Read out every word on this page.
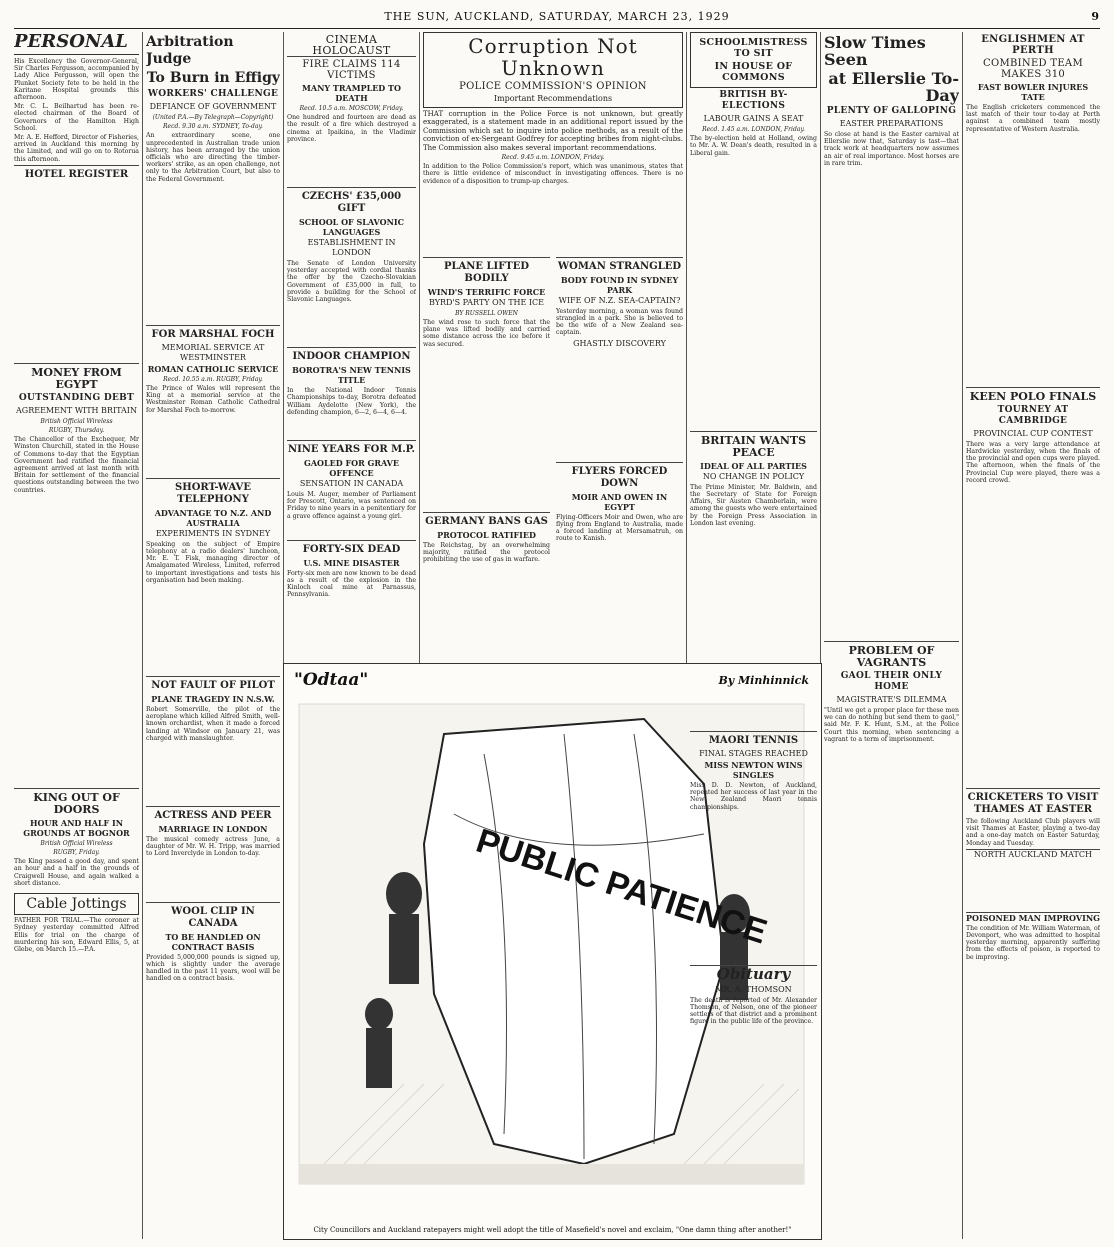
THE SUN, AUCKLAND, SATURDAY, MARCH 23, 1929	9
PERSONAL

His Excellency the Governor-General, Sir Charles Fergusson, accompanied by Lady Alice Fergusson, will open the Plunket Society fete to be held in the Karitane Hospital grounds this afternoon.

Mr. C. L. Beilhartud has been re-elected chairman of the Board of Governors of the Hamilton High School.

Mr. A. E. Hefford, Director of Fisheries, arrived in Auckland this morning by the Limited, and will go on to Rotorua this afternoon.

HOTEL REGISTER
MONEY FROM EGYPT
OUTSTANDING DEBT
AGREEMENT WITH BRITAIN
British Official Wireless
RUGBY, Thursday.

The Chancellor of the Exchequer, Mr Winston Churchill, stated in the House of Commons to-day that the Egyptian Government had ratified the financial agreement arrived at last month with Britain for settlement of the financial questions outstanding between the two countries.

KING OUT OF DOORS
HOUR AND HALF IN GROUNDS AT BOGNOR
British Official Wireless
RUGBY, Friday.

The King passed a good day, and spent an hour and a half in the grounds of Craigwell House, and again walked a short distance.

Cable Jottings

FATHER FOR TRIAL.—The coroner at Sydney yesterday committed Alfred Ellis for trial on the charge of murdering his son, Edward Ellis, 5, at Glebe, on March 15.—P.A.

Arbitration Judge
To Burn in Effigy
WORKERS' CHALLENGE
DEFIANCE OF GOVERNMENT
(United P.A.—By Telegraph—Copyright)
Recd. 9.30 a.m. SYDNEY, To-day.

An extraordinary scene, one unprecedented in Australian trade union history, has been arranged by the union officials who are directing the timber-workers' strike, as an open challenge, not only to the Arbitration Court, but also to the Federal Government.

FOR MARSHAL FOCH
MEMORIAL SERVICE AT WESTMINSTER
ROMAN CATHOLIC SERVICE
Recd. 10.55 a.m. RUGBY, Friday.

The Prince of Wales will represent the King at a memorial service at the Westminster Roman Catholic Cathedral for Marshal Foch to-morrow.

SHORT-WAVE TELEPHONY
ADVANTAGE TO N.Z. AND AUSTRALIA
EXPERIMENTS IN SYDNEY

Speaking on the subject of Empire telephony at a radio dealers' luncheon, Mr. E. T. Fisk, managing director of Amalgamated Wireless, Limited, referred to important investigations and tests his organisation had been making.

NOT FAULT OF PILOT
PLANE TRAGEDY IN N.S.W.

Robert Somerville, the pilot of the aeroplane which killed Alfred Smith, well-known orchardist, when it made a forced landing at Windsor on January 21, was charged with manslaughter.

ACTRESS AND PEER
MARRIAGE IN LONDON

The musical comedy actress June, a daughter of Mr. W. H. Tripp, was married to Lord Inverclyde in London to-day.

WOOL CLIP IN CANADA
TO BE HANDLED ON CONTRACT BASIS

Provided 5,000,000 pounds is signed up, which is slightly under the average handled in the past 11 years, wool will be handled on a contract basis.

CINEMA HOLOCAUST
FIRE CLAIMS 114 VICTIMS
MANY TRAMPLED TO DEATH
Recd. 10.5 a.m. MOSCOW, Friday.

One hundred and fourteen are dead as the result of a fire which destroyed a cinema at Ipaikina, in the Vladimir province.

CZECHS' £35,000 GIFT
SCHOOL OF SLAVONIC LANGUAGES
ESTABLISHMENT IN LONDON

The Senate of London University yesterday accepted with cordial thanks the offer by the Czecho-Slovakian Government of £35,000 in full, to provide a building for the School of Slavonic Languages.

INDOOR CHAMPION
BOROTRA'S NEW TENNIS TITLE

In the National Indoor Tennis Championships to-day, Borotra defeated William Aydelotte (New York), the defending champion, 6—2, 6—4, 6—4.

NINE YEARS FOR M.P.
GAOLED FOR GRAVE OFFENCE
SENSATION IN CANADA

Louis M. Auger, member of Parliament for Prescott, Ontario, was sentenced on Friday to nine years in a penitentiary for a grave offence against a young girl.

FORTY-SIX DEAD
U.S. MINE DISASTER

Forty-six men are now known to be dead as a result of the explosion in the Kinloch coal mine at Parnassus, Pennsylvania.

Corruption Not Unknown
POLICE COMMISSION'S OPINION
Important Recommendations

THAT corruption in the Police Force is not unknown, but greatly exaggerated, is a statement made in an additional report issued by the Commission which sat to inquire into police methods, as a result of the conviction of ex-Sergeant Godfrey for accepting bribes from night-clubs. The Commission also makes several important recommendations.

Recd. 9.45 a.m. LONDON, Friday.

In addition to the Police Commission's report, which was unanimous, states that there is little evidence of misconduct in investigating offences. There is no evidence of a disposition to trump-up charges.

PLANE LIFTED BODILY
WIND'S TERRIFIC FORCE
BYRD'S PARTY ON THE ICE
BY RUSSELL OWEN

The wind rose to such force that the plane was lifted bodily and carried some distance across the ice before it was secured.

GERMANY BANS GAS
PROTOCOL RATIFIED

The Reichstag, by an overwhelming majority, ratified the protocol prohibiting the use of gas in warfare.

WOMAN STRANGLED
BODY FOUND IN SYDNEY PARK
WIFE OF N.Z. SEA-CAPTAIN?

Yesterday morning, a woman was found strangled in a park. She is believed to be the wife of a New Zealand sea-captain.

GHASTLY DISCOVERY
FLYERS FORCED DOWN
MOIR AND OWEN IN EGYPT

Flying-Officers Moir and Owen, who are flying from England to Australia, made a forced landing at Mersamatruh, on route to Kanish.

"Odtaa"	By Minhinnick
PUBLIC PATIENCE
City Councillors and Auckland ratepayers might well adopt the title of Masefield's novel and exclaim, "One damn thing after another!"
SCHOOLMISTRESS TO SIT
IN HOUSE OF COMMONS
BRITISH BY-ELECTIONS
LABOUR GAINS A SEAT
Recd. 1.45 a.m. LONDON, Friday.

The by-election held at Holland, owing to Mr. A. W. Dean's death, resulted in a Liberal gain.

BRITAIN WANTS PEACE
IDEAL OF ALL PARTIES
NO CHANGE IN POLICY

The Prime Minister, Mr. Baldwin, and the Secretary of State for Foreign Affairs, Sir Austen Chamberlain, were among the guests who were entertained by the Foreign Press Association in London last evening.

MAORI TENNIS
FINAL STAGES REACHED
MISS NEWTON WINS SINGLES

Miss D. D. Newton, of Auckland, repeated her success of last year in the New Zealand Maori tennis championships.

Obituary
MR. A. THOMSON

The death is reported of Mr. Alexander Thomson, of Nelson, one of the pioneer settlers of that district and a prominent figure in the public life of the province.

Slow Times Seen
at Ellerslie To-Day
PLENTY OF GALLOPING
EASTER PREPARATIONS

So close at hand is the Easter carnival at Ellerslie now that, Saturday is tast—that track work at headquarters now assumes an air of real importance. Most horses are in rare trim.

PROBLEM OF VAGRANTS
GAOL THEIR ONLY HOME
MAGISTRATE'S DILEMMA

"Until we get a proper place for these men we can do nothing but send them to gaol," said Mr. F. K. Hunt, S.M., at the Police Court this morning, when sentencing a vagrant to a term of imprisonment.

ENGLISHMEN AT PERTH
COMBINED TEAM MAKES 310
FAST BOWLER INJURES TATE

The English cricketers commenced the last match of their tour to-day at Perth against a combined team mostly representative of Western Australia.

KEEN POLO FINALS
TOURNEY AT CAMBRIDGE
PROVINCIAL CUP CONTEST

There was a very large attendance at Hardwicke yesterday, when the finals of the provincial and open cups were played. The afternoon, when the finals of the Provincial Cup were played, there was a record crowd.

CRICKETERS TO VISIT THAMES AT EASTER

The following Auckland Club players will visit Thames at Easter, playing a two-day and a one-day match on Easter Saturday, Monday and Tuesday.

NORTH AUCKLAND MATCH
POISONED MAN IMPROVING

The condition of Mr. William Waterman, of Devonport, who was admitted to hospital yesterday morning, apparently suffering from the effects of poison, is reported to be improving.
